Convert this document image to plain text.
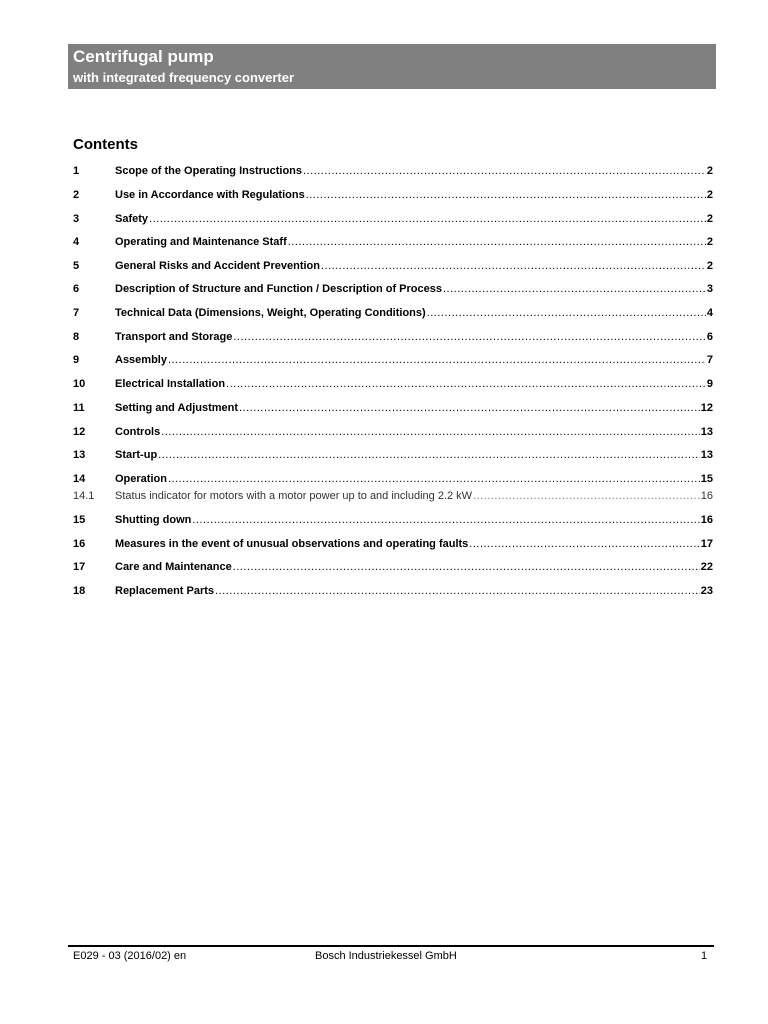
Centrifugal pump
with integrated frequency converter
Contents
1	Scope of the Operating Instructions .....	2
2	Use in Accordance with Regulations .....	2
3	Safety .....	2
4	Operating and Maintenance Staff .....	2
5	General Risks and Accident Prevention .....	2
6	Description of Structure and Function / Description of Process .....	3
7	Technical Data (Dimensions, Weight, Operating Conditions) .....	4
8	Transport and Storage .....	6
9	Assembly .....	7
10	Electrical Installation .....	9
11	Setting and Adjustment .....	12
12	Controls .....	13
13	Start-up .....	13
14	Operation .....	15
14.1 Status indicator for motors with a motor power up to and including 2.2 kW .....	16
15	Shutting down .....	16
16	Measures in the event of unusual observations and operating faults .....	17
17	Care and Maintenance .....	22
18	Replacement Parts .....	23
E029 - 03 (2016/02) en	Bosch Industriekessel GmbH	1
